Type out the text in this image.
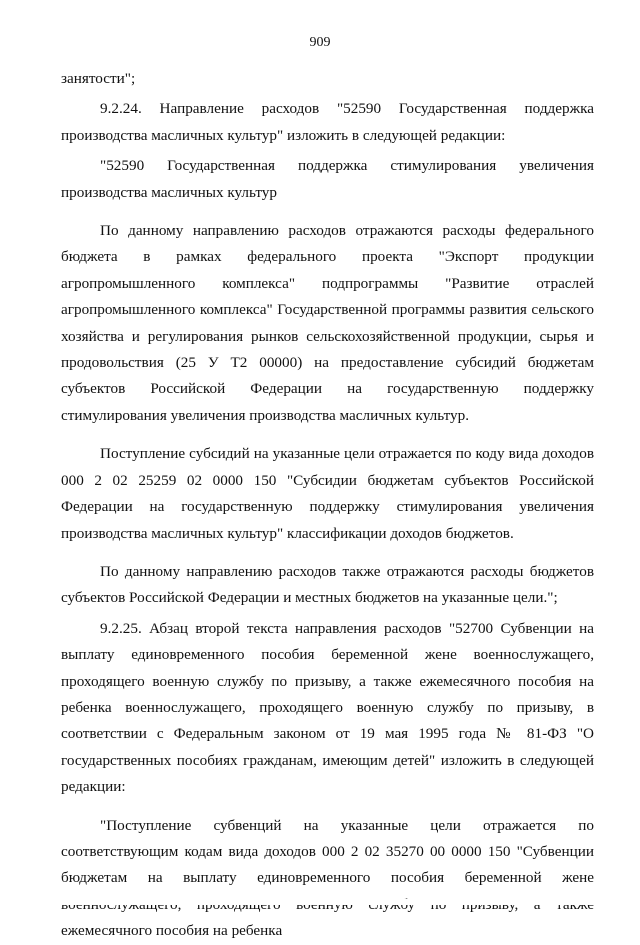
909

занятости";

9.2.24. Направление расходов "52590 Государственная поддержка производства масличных культур" изложить в следующей редакции:

"52590 Государственная поддержка стимулирования увеличения производства масличных культур

По данному направлению расходов отражаются расходы федерального бюджета в рамках федерального проекта "Экспорт продукции агропромышленного комплекса" подпрограммы "Развитие отраслей агропромышленного комплекса" Государственной программы развития сельского хозяйства и регулирования рынков сельскохозяйственной продукции, сырья и продовольствия (25 У Т2 00000) на предоставление субсидий бюджетам субъектов Российской Федерации на государственную поддержку стимулирования увеличения производства масличных культур.

Поступление субсидий на указанные цели отражается по коду вида доходов 000 2 02 25259 02 0000 150 "Субсидии бюджетам субъектов Российской Федерации на государственную поддержку стимулирования увеличения производства масличных культур" классификации доходов бюджетов.

По данному направлению расходов также отражаются расходы бюджетов субъектов Российской Федерации и местных бюджетов на указанные цели.";

9.2.25. Абзац второй текста направления расходов "52700 Субвенции на выплату единовременного пособия беременной жене военнослужащего, проходящего военную службу по призыву, а также ежемесячного пособия на ребенка военнослужащего, проходящего военную службу по призыву, в соответствии с Федеральным законом от 19 мая 1995 года № 81-ФЗ "О государственных пособиях гражданам, имеющим детей" изложить в следующей редакции:

"Поступление субвенций на указанные цели отражается по соответствующим кодам вида доходов 000 2 02 35270 00 0000 150 "Субвенции бюджетам на выплату единовременного пособия беременной жене ежемесячного пособия на ребенка
